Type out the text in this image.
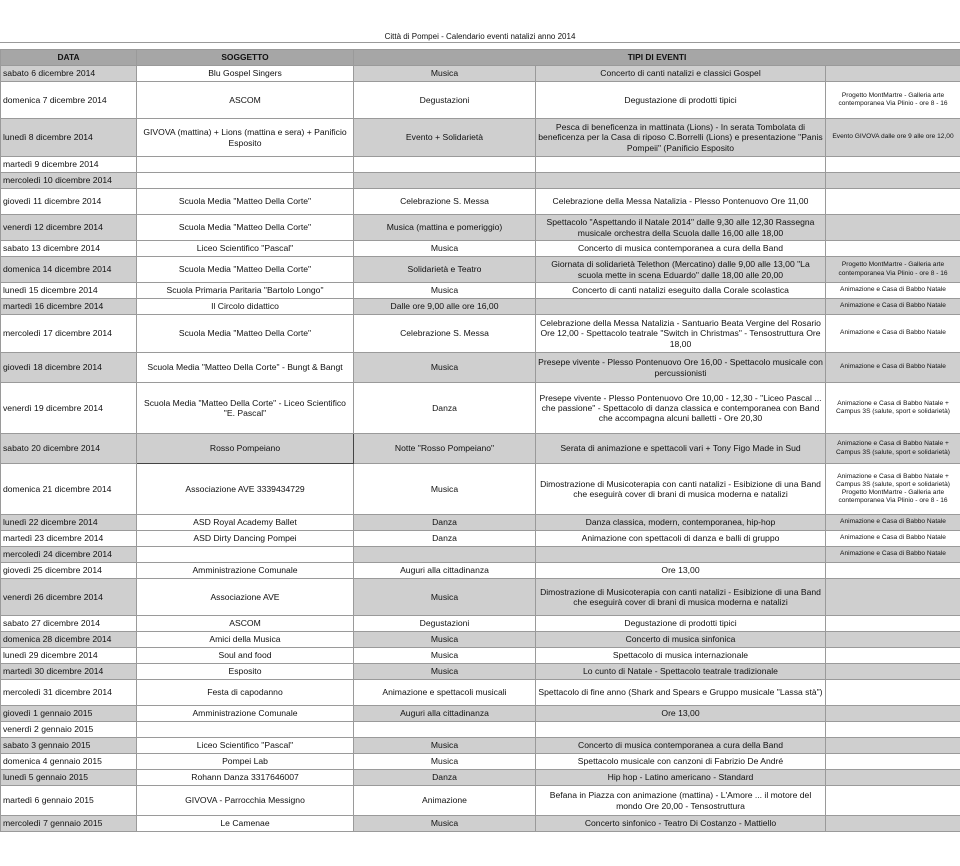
Città di Pompei - Calendario eventi natalizi anno 2014
DATA	SOGGETTO	TIPI DI EVENTI		
sabato 6 dicembre 2014	Blu Gospel Singers	Musica	Concerto di canti natalizi e classici Gospel	
domenica 7 dicembre 2014	ASCOM	Degustazioni	Degustazione di prodotti tipici	Progetto MontMartre - Galleria arte contemporanea Via Plinio - ore 8 - 16
lunedì 8 dicembre 2014	GIVOVA (mattina) + Lions (mattina e sera) + Panificio Esposito	Evento + Solidarietà	Pesca di beneficenza in mattinata (Lions) - In serata Tombolata di beneficenza per la Casa di riposo C.Borrelli (Lions) e presentazione "Panis Pompeii" (Panificio Esposito	Evento GIVOVA dalle ore 9 alle ore 12,00
martedì 9 dicembre 2014				
mercoledì 10 dicembre 2014				
giovedì 11 dicembre 2014	Scuola Media "Matteo Della Corte"	Celebrazione S. Messa	Celebrazione della Messa Natalizia - Plesso Pontenuovo Ore 11,00	
venerdì 12 dicembre 2014	Scuola Media "Matteo Della Corte"	Musica (mattina e pomeriggio)	Spettacolo "Aspettando il Natale 2014" dalle 9,30 alle 12,30 Rassegna musicale orchestra della Scuola dalle 16,00 alle 18,00	
sabato 13 dicembre 2014	Liceo Scientifico "Pascal"	Musica	Concerto di musica contemporanea a cura della Band	
domenica 14 dicembre 2014	Scuola Media "Matteo Della Corte"	Solidarietà e Teatro	Giornata di solidarietà Telethon (Mercatino) dalle 9,00 alle 13,00 "La scuola mette in scena Eduardo" dalle 18,00 alle 20,00	Progetto MontMartre - Galleria arte contemporanea Via Plinio - ore 8 - 16
lunedì 15 dicembre 2014	Scuola Primaria Paritaria "Bartolo Longo"	Musica	Concerto di canti natalizi eseguito dalla Corale scolastica	Animazione e Casa di Babbo Natale
martedì 16 dicembre 2014	Il Circolo didattico	Dalle ore 9,00 alle ore 16,00		Animazione e Casa di Babbo Natale
mercoledì 17 dicembre 2014	Scuola Media "Matteo Della Corte"	Celebrazione S. Messa	Celebrazione della Messa Natalizia - Santuario Beata Vergine del Rosario Ore 12,00 - Spettacolo teatrale "Switch in Christmas" - Tensostruttura Ore 18,00	Animazione e Casa di Babbo Natale
giovedì 18 dicembre 2014	Scuola Media "Matteo Della Corte" - Bungt & Bangt	Musica	Presepe vivente - Plesso Pontenuovo Ore 16,00 - Spettacolo musicale con percussionisti	Animazione e Casa di Babbo Natale
venerdì 19 dicembre 2014	Scuola Media "Matteo Della Corte" - Liceo Scientifico "E. Pascal"	Danza	Presepe vivente - Plesso Pontenuovo Ore 10,00 - 12,30 - "Liceo Pascal ... che passione" - Spettacolo di danza classica e contemporanea con Band che accompagna alcuni balletti - Ore 20,30	Animazione e Casa di Babbo Natale + Campus 3S (salute, sport e solidarietà)
sabato 20 dicembre 2014	Rosso Pompeiano	Notte "Rosso Pompeiano"	Serata di animazione e spettacoli vari + Tony Figo Made in Sud	Animazione e Casa di Babbo Natale + Campus 3S (salute, sport e solidarietà)
domenica 21 dicembre 2014	Associazione AVE 3339434729	Musica	Dimostrazione di Musicoterapia con canti natalizi - Esibizione di una Band che eseguirà cover di brani di musica moderna e natalizi	Animazione e Casa di Babbo Natale + Campus 3S (salute, sport e solidarietà) Progetto MontMartre - Galleria arte contemporanea Via Plinio - ore 8 - 16
lunedì 22 dicembre 2014	ASD Royal Academy Ballet	Danza	Danza classica, modern, contemporanea, hip-hop	Animazione e Casa di Babbo Natale
martedì 23 dicembre 2014	ASD Dirty Dancing Pompei	Danza	Animazione con spettacoli di danza e balli di gruppo	Animazione e Casa di Babbo Natale
mercoledì 24 dicembre 2014				Animazione e Casa di Babbo Natale
giovedì 25 dicembre 2014	Amministrazione Comunale	Auguri alla cittadinanza	Ore 13,00	
venerdì 26 dicembre 2014	Associazione AVE	Musica	Dimostrazione di Musicoterapia con canti natalizi - Esibizione di una Band che eseguirà cover di brani di musica moderna e natalizi	
sabato 27 dicembre 2014	ASCOM	Degustazioni	Degustazione di prodotti tipici	
domenica 28 dicembre 2014	Amici della Musica	Musica	Concerto di musica sinfonica	
lunedì 29 dicembre 2014	Soul and food	Musica	Spettacolo di musica internazionale	
martedì 30 dicembre 2014	Esposito	Musica	Lo cunto di Natale - Spettacolo teatrale tradizionale	
mercoledì 31 dicembre 2014	Festa di capodanno	Animazione e spettacoli musicali	Spettacolo di fine anno (Shark and Spears e Gruppo musicale "Lassa stà")	
giovedì 1 gennaio 2015	Amministrazione Comunale	Auguri alla cittadinanza	Ore 13,00	
venerdì 2 gennaio 2015				
sabato 3 gennaio 2015	Liceo Scientifico "Pascal"	Musica	Concerto di musica contemporanea a cura della Band	
domenica 4 gennaio 2015	Pompei Lab	Musica	Spettacolo musicale con canzoni di Fabrizio De André	
lunedì 5 gennaio 2015	Rohann Danza 3317646007	Danza	Hip hop - Latino americano - Standard	
martedì 6 gennaio 2015	GIVOVA - Parrocchia Messigno	Animazione	Befana in Piazza con animazione (mattina) - L'Amore ... il motore del mondo Ore 20,00 - Tensostruttura	
mercoledì 7 gennaio 2015	Le Camenae	Musica	Concerto sinfonico - Teatro Di Costanzo - Mattiello	
